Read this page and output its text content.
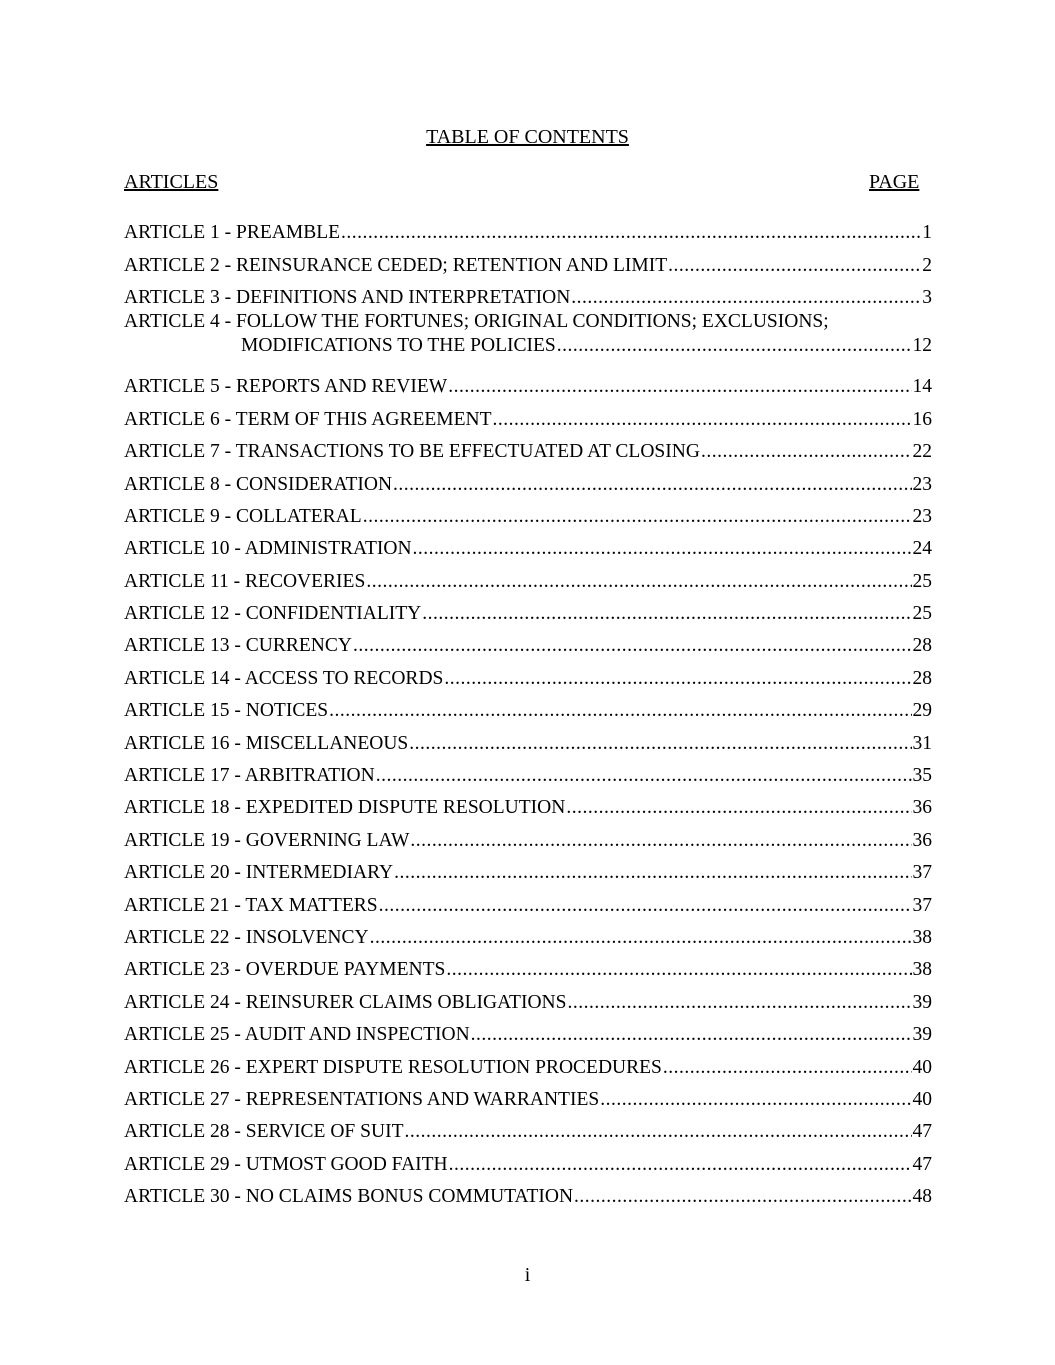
TABLE OF CONTENTS
ARTICLES	PAGE
ARTICLE 1 - PREAMBLE .....	1
ARTICLE 2 - REINSURANCE CEDED; RETENTION AND LIMIT .....	2
ARTICLE 3 - DEFINITIONS AND INTERPRETATION .....	3
ARTICLE 4 - FOLLOW THE FORTUNES; ORIGINAL CONDITIONS; EXCLUSIONS;
MODIFICATIONS TO THE POLICIES .....	12
ARTICLE 5 - REPORTS AND REVIEW .....	14
ARTICLE 6 - TERM OF THIS AGREEMENT .....	16
ARTICLE 7 - TRANSACTIONS TO BE EFFECTUATED AT CLOSING .....	22
ARTICLE 8 - CONSIDERATION .....	23
ARTICLE 9 - COLLATERAL .....	23
ARTICLE 10 - ADMINISTRATION .....	24
ARTICLE 11 - RECOVERIES .....	25
ARTICLE 12 - CONFIDENTIALITY .....	25
ARTICLE 13 - CURRENCY .....	28
ARTICLE 14 - ACCESS TO RECORDS .....	28
ARTICLE 15 - NOTICES .....	29
ARTICLE 16 - MISCELLANEOUS .....	31
ARTICLE 17 - ARBITRATION .....	35
ARTICLE 18 - EXPEDITED DISPUTE RESOLUTION .....	36
ARTICLE 19 - GOVERNING LAW .....	36
ARTICLE 20 - INTERMEDIARY .....	37
ARTICLE 21 - TAX MATTERS .....	37
ARTICLE 22 - INSOLVENCY .....	38
ARTICLE 23 - OVERDUE PAYMENTS .....	38
ARTICLE 24 - REINSURER CLAIMS OBLIGATIONS .....	39
ARTICLE 25 - AUDIT AND INSPECTION .....	39
ARTICLE 26 - EXPERT DISPUTE RESOLUTION PROCEDURES .....	40
ARTICLE 27 - REPRESENTATIONS AND WARRANTIES .....	40
ARTICLE 28 - SERVICE OF SUIT .....	47
ARTICLE 29 - UTMOST GOOD FAITH .....	47
ARTICLE 30 - NO CLAIMS BONUS COMMUTATION .....	48
i
